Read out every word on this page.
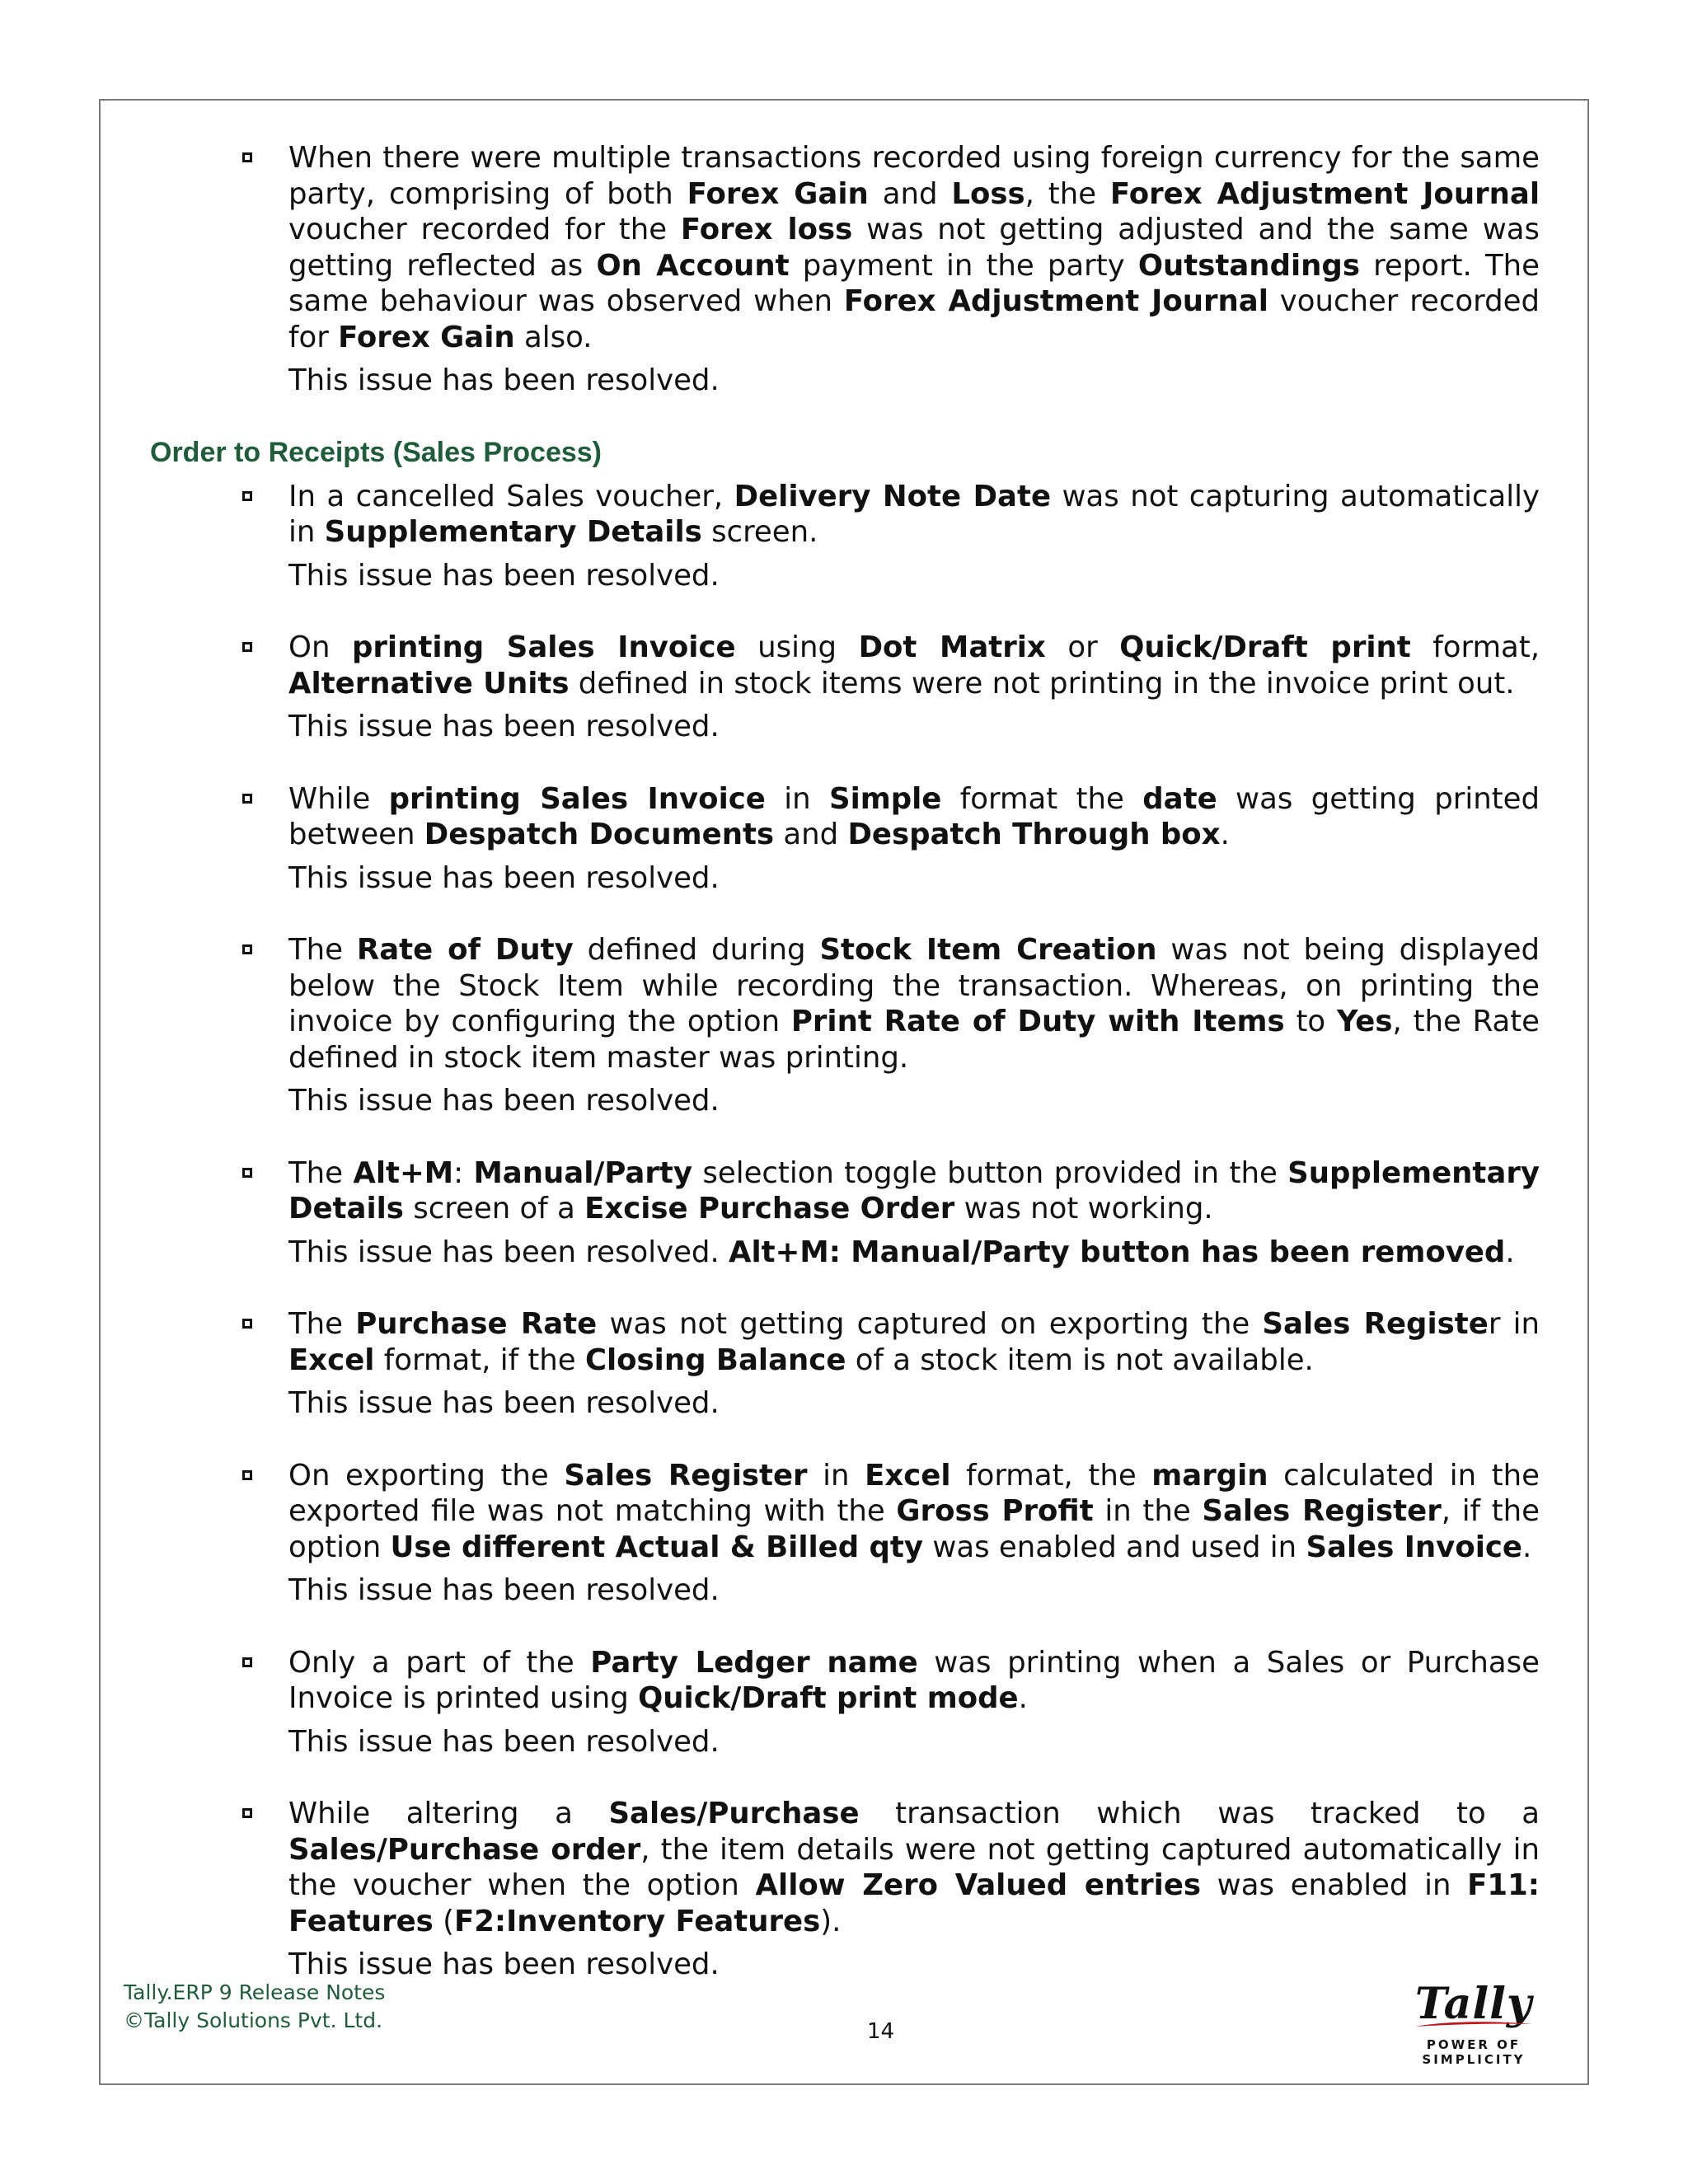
When there were multiple transactions recorded using foreign currency for the same party, comprising of both Forex Gain and Loss, the Forex Adjustment Journal voucher recorded for the Forex loss was not getting adjusted and the same was getting reflected as On Account payment in the party Outstandings report. The same behaviour was observed when Forex Adjustment Journal voucher recorded for Forex Gain also.
This issue has been resolved.
Order to Receipts (Sales Process)
In a cancelled Sales voucher, Delivery Note Date was not capturing automatically in Supplementary Details screen.
This issue has been resolved.
On printing Sales Invoice using Dot Matrix or Quick/Draft print format, Alternative Units defined in stock items were not printing in the invoice print out.
This issue has been resolved.
While printing Sales Invoice in Simple format the date was getting printed between Despatch Documents and Despatch Through box.
This issue has been resolved.
The Rate of Duty defined during Stock Item Creation was not being displayed below the Stock Item while recording the transaction. Whereas, on printing the invoice by configuring the option Print Rate of Duty with Items to Yes, the Rate defined in stock item master was printing.
This issue has been resolved.
The Alt+M: Manual/Party selection toggle button provided in the Supplementary Details screen of a Excise Purchase Order was not working.
This issue has been resolved. Alt+M: Manual/Party button has been removed.
The Purchase Rate was not getting captured on exporting the Sales Register in Excel format, if the Closing Balance of a stock item is not available.
This issue has been resolved.
On exporting the Sales Register in Excel format, the margin calculated in the exported file was not matching with the Gross Profit in the Sales Register, if the option Use different Actual & Billed qty was enabled and used in Sales Invoice.
This issue has been resolved.
Only a part of the Party Ledger name was printing when a Sales or Purchase Invoice is printed using Quick/Draft print mode.
This issue has been resolved.
While altering a Sales/Purchase transaction which was tracked to a Sales/Purchase order, the item details were not getting captured automatically in the voucher when the option Allow Zero Valued entries was enabled in F11: Features (F2:Inventory Features).
This issue has been resolved.
Tally.ERP 9 Release Notes
©Tally Solutions Pvt. Ltd.	14
Tally
POWER OF SIMPLICITY
